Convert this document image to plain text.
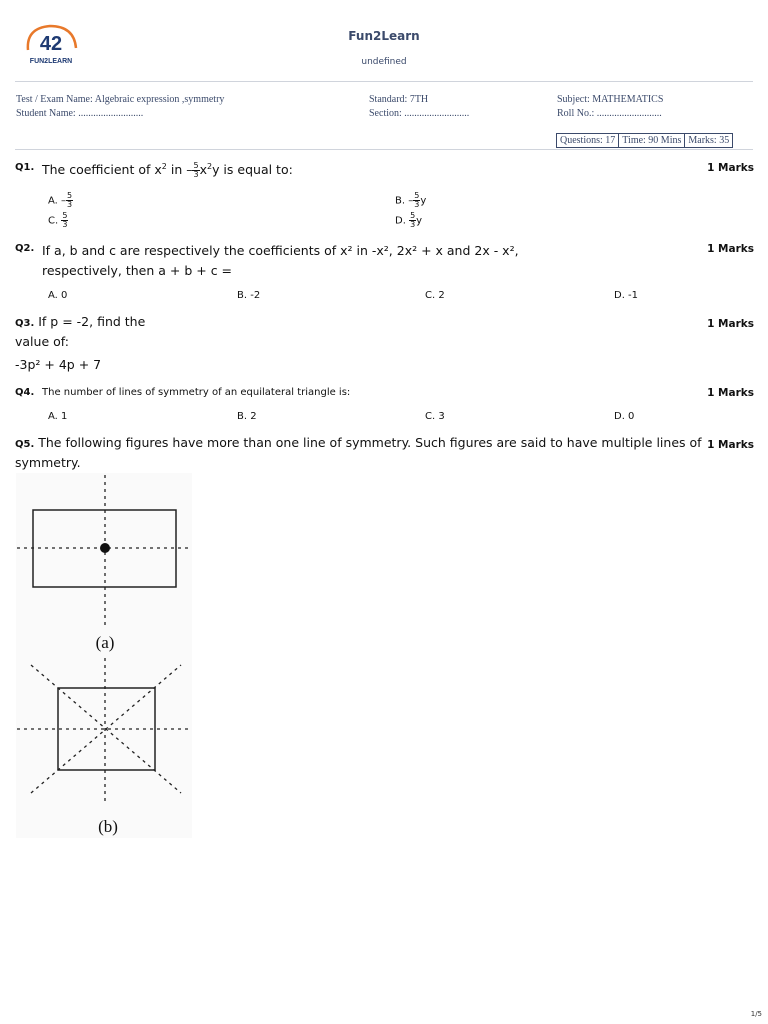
42
FUN2LEARN
Fun2Learn
undefined
Test / Exam Name: Algebraic expression ,symmetry
Student Name: ..........................
Standard: 7TH
Section: ..........................
Subject: MATHEMATICS
Roll No.: ..........................
Questions: 17 Time: 90 Mins Marks: 35
Q1. The coefficient of $x^2$ in – $\frac{5}{3} x^2y$ is equal to:	1 Marks
A. – $\frac{5}{3}$	B. – $\frac{5}{3}$ y
C. $\frac{5}{3}$	D. $\frac{5}{3}$ y
Q2. If a, b and c are respectively the coefficients of x² in -x², 2x² + x and 2x - x²,
respectively, then a + b + c =
1 Marks
A. 0	B. -2	C. 2	D. -1
Q3. If p = -2, find the
value of:
-3p² + 4p + 7
1 Marks
Q4. The number of lines of symmetry of an equilateral triangle is:	1 Marks
A. 1	B. 2	C. 3	D. 0
Q5. The following figures have more than one line of symmetry. Such figures are said to have multiple lines of
symmetry.
1 Marks
(a)
(b)
1/5
